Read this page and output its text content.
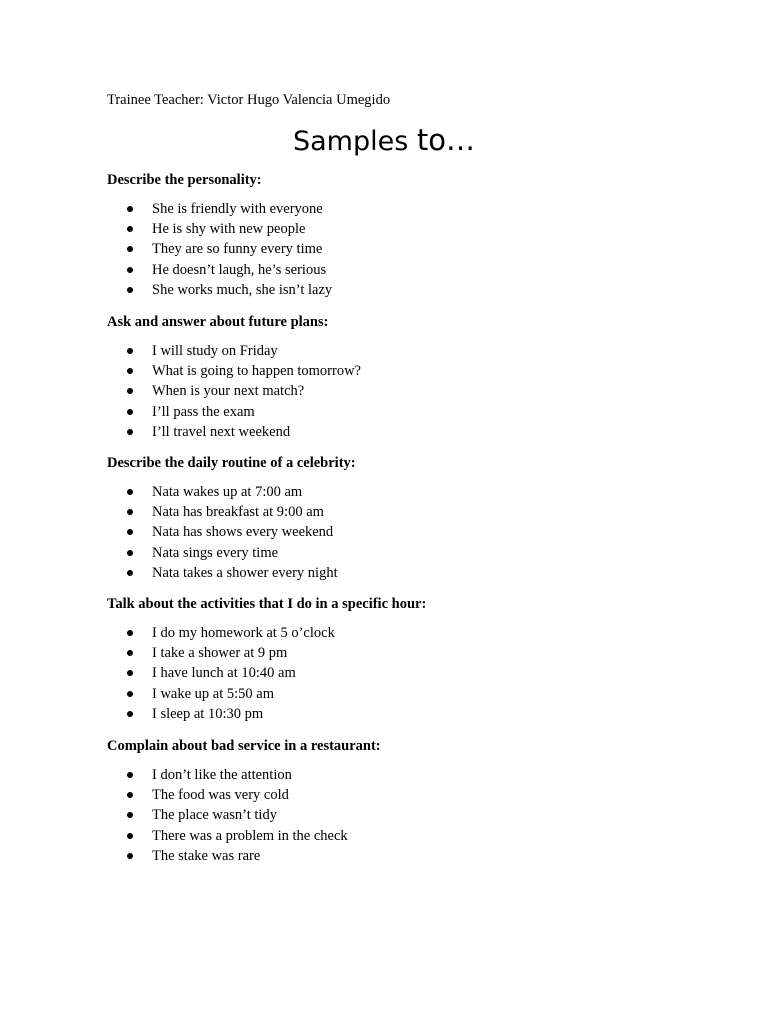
Trainee Teacher: Victor Hugo Valencia Umegido
Samples to…
Describe the personality:
She is friendly with everyone
He is shy with new people
They are so funny every time
He doesn’t laugh, he’s serious
She works much, she isn’t lazy
Ask and answer about future plans:
I will study on Friday
What is going to happen tomorrow?
When is your next match?
I’ll pass the exam
I’ll travel next weekend
Describe the daily routine of a celebrity:
Nata wakes up at 7:00 am
Nata has breakfast at 9:00 am
Nata has shows every weekend
Nata sings every time
Nata takes a shower every night
Talk about the activities that I do in a specific hour:
I do my homework at 5 o’clock
I take a shower at 9 pm
I have lunch at 10:40 am
I wake up at 5:50 am
I sleep at 10:30 pm
Complain about bad service in a restaurant:
I don’t like the attention
The food was very cold
The place wasn’t tidy
There was a problem in the check
The stake was rare
